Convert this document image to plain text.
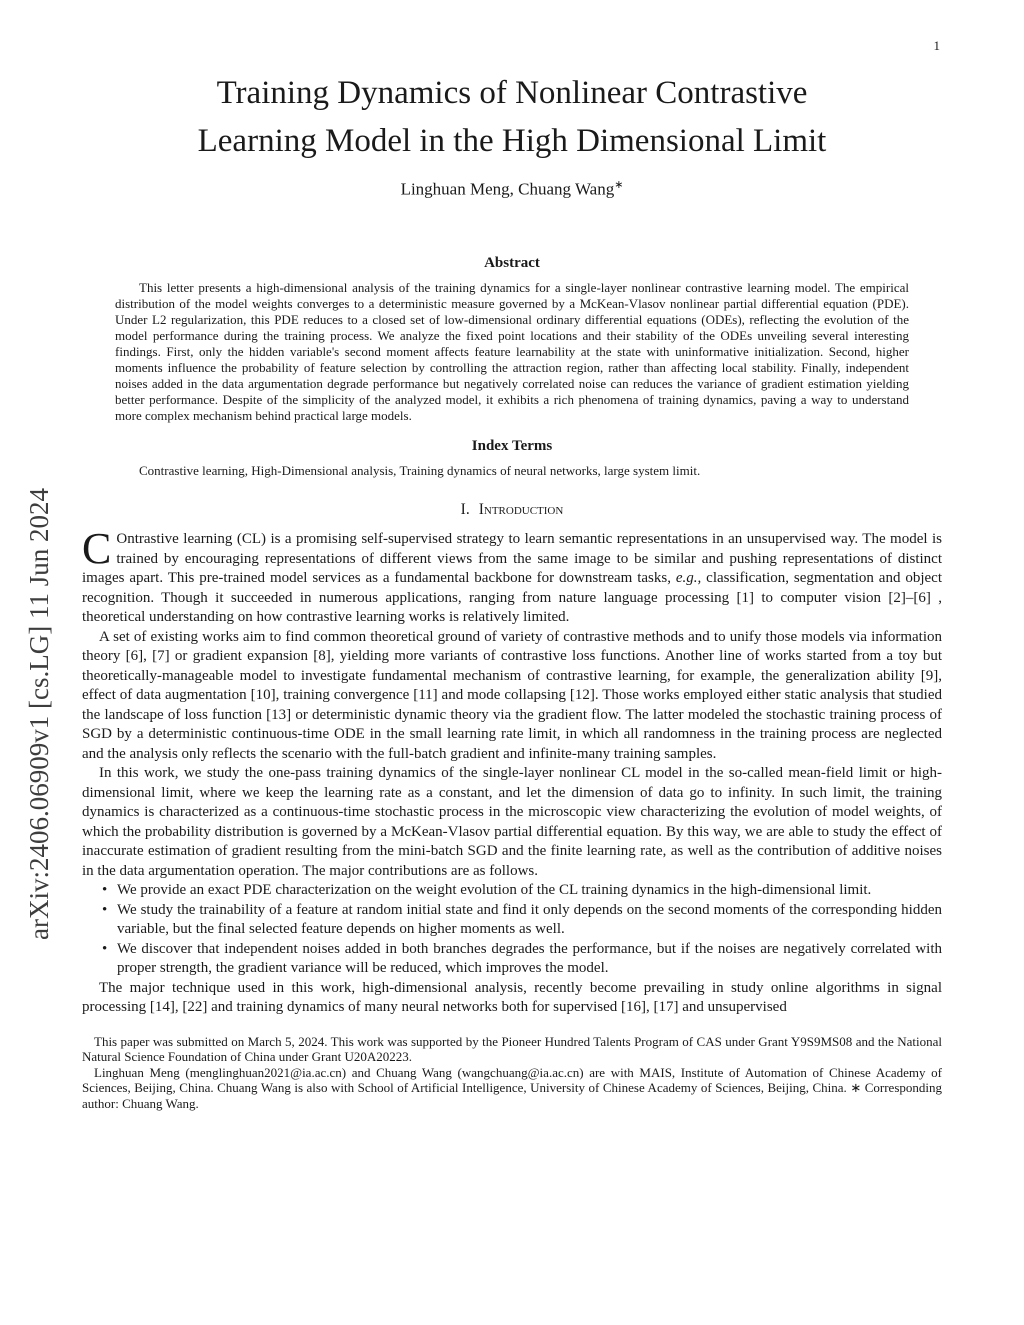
1
arXiv:2406.06909v1 [cs.LG] 11 Jun 2024
Training Dynamics of Nonlinear Contrastive
Learning Model in the High Dimensional Limit
Linghuan Meng, Chuang Wang∗
Abstract

This letter presents a high-dimensional analysis of the training dynamics for a single-layer nonlinear contrastive learning model. The empirical distribution of the model weights converges to a deterministic measure governed by a McKean-Vlasov nonlinear partial differential equation (PDE). Under L2 regularization, this PDE reduces to a closed set of low-dimensional ordinary differential equations (ODEs), reflecting the evolution of the model performance during the training process. We analyze the fixed point locations and their stability of the ODEs unveiling several interesting findings. First, only the hidden variable's second moment affects feature learnability at the state with uninformative initialization. Second, higher moments influence the probability of feature selection by controlling the attraction region, rather than affecting local stability. Finally, independent noises added in the data argumentation degrade performance but negatively correlated noise can reduces the variance of gradient estimation yielding better performance. Despite of the simplicity of the analyzed model, it exhibits a rich phenomena of training dynamics, paving a way to understand more complex mechanism behind practical large models.

Index Terms

Contrastive learning, High-Dimensional analysis, Training dynamics of neural networks, large system limit.

I. Introduction

C Ontrastive learning (CL) is a promising self-supervised strategy to learn semantic representations in an unsupervised way. The model is trained by encouraging representations of different views from the same image to be similar and pushing representations of distinct images apart. This pre-trained model services as a fundamental backbone for downstream tasks, e.g., classification, segmentation and object recognition. Though it succeeded in numerous applications, ranging from nature language processing [1] to computer vision [2]–[6] , theoretical understanding on how contrastive learning works is relatively limited.

A set of existing works aim to find common theoretical ground of variety of contrastive methods and to unify those models via information theory [6], [7] or gradient expansion [8], yielding more variants of contrastive loss functions. Another line of works started from a toy but theoretically-manageable model to investigate fundamental mechanism of contrastive learning, for example, the generalization ability [9], effect of data augmentation [10], training convergence [11] and mode collapsing [12]. Those works employed either static analysis that studied the landscape of loss function [13] or deterministic dynamic theory via the gradient flow. The latter modeled the stochastic training process of SGD by a deterministic continuous-time ODE in the small learning rate limit, in which all randomness in the training process are neglected and the analysis only reflects the scenario with the full-batch gradient and infinite-many training samples.

In this work, we study the one-pass training dynamics of the single-layer nonlinear CL model in the so-called mean-field limit or high-dimensional limit, where we keep the learning rate as a constant, and let the dimension of data go to infinity. In such limit, the training dynamics is characterized as a continuous-time stochastic process in the microscopic view characterizing the evolution of model weights, of which the probability distribution is governed by a McKean-Vlasov partial differential equation. By this way, we are able to study the effect of inaccurate estimation of gradient resulting from the mini-batch SGD and the finite learning rate, as well as the contribution of additive noises in the data argumentation operation. The major contributions are as follows.

• We provide an exact PDE characterization on the weight evolution of the CL training dynamics in the high-dimensional limit.
• We study the trainability of a feature at random initial state and find it only depends on the second moments of the corresponding hidden variable, but the final selected feature depends on higher moments as well.
• We discover that independent noises added in both branches degrades the performance, but if the noises are negatively correlated with proper strength, the gradient variance will be reduced, which improves the model.

The major technique used in this work, high-dimensional analysis, recently become prevailing in study online algorithms in signal processing [14], [22] and training dynamics of many neural networks both for supervised [16], [17] and unsupervised

This paper was submitted on March 5, 2024. This work was supported by the Pioneer Hundred Talents Program of CAS under Grant Y9S9MS08 and the National Natural Science Foundation of China under Grant U20A20223.

Linghuan Meng (menglinghuan2021@ia.ac.cn) and Chuang Wang (wangchuang@ia.ac.cn) are with MAIS, Institute of Automation of Chinese Academy of Sciences, Beijing, China. Chuang Wang is also with School of Artificial Intelligence, University of Chinese Academy of Sciences, Beijing, China. ∗ Corresponding author: Chuang Wang.
